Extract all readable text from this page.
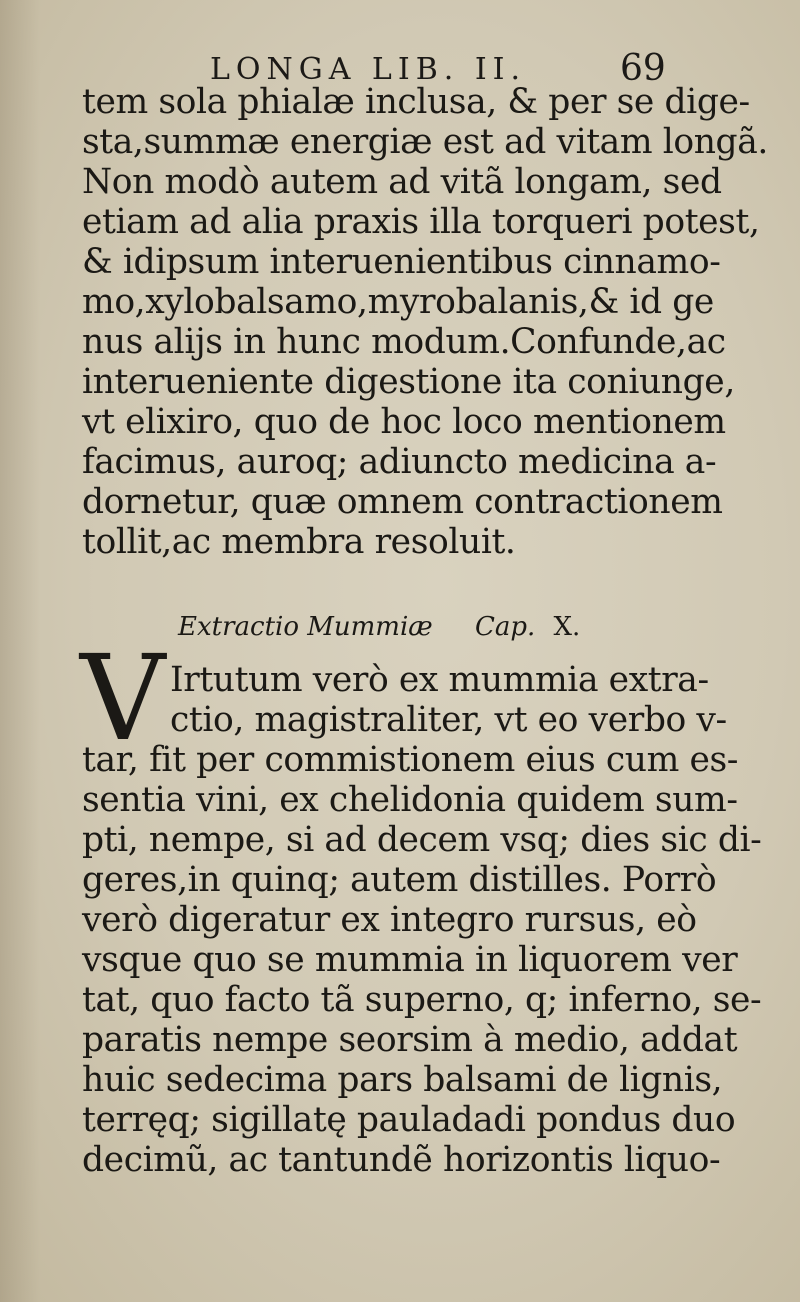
LONGA LIB. II.	69
tem sola phialæ inclusa, & per se dige-
sta,summæ energiæ est ad vitam longã.
Non modò autem ad vitã longam, sed
etiam ad alia praxis illa torqueri potest,
& idipsum interuenientibus cinnamo-
mo,xylobalsamo,myrobalanis,& id ge
nus alijs in hunc modum.Confunde,ac
interueniente digestione ita coniunge,
vt elixiro, quo de hoc loco mentionem
facimus, auroq; adiuncto medicina a-
dornetur, quæ omnem contractionem
tollit,ac membra resoluit.
Extractio Mummiæ Cap. X.
V Irtutum verò ex mummia extra-
ctio, magistraliter, vt eo verbo v-
tar, fit per commistionem eius cum es-
sentia vini, ex chelidonia quidem sum-
pti, nempe, si ad decem vsq; dies sic di-
geres,in quinq; autem distilles. Porrò
verò digeratur ex integro rursus, eò
vsque quo se mummia in liquorem ver
tat, quo facto tã superno, q; inferno, se-
paratis nempe seorsim à medio, addat
huic sedecima pars balsami de lignis,
terręq; sigillatę pauladadi pondus duo
decimũ, ac tantundẽ horizontis liquo-
